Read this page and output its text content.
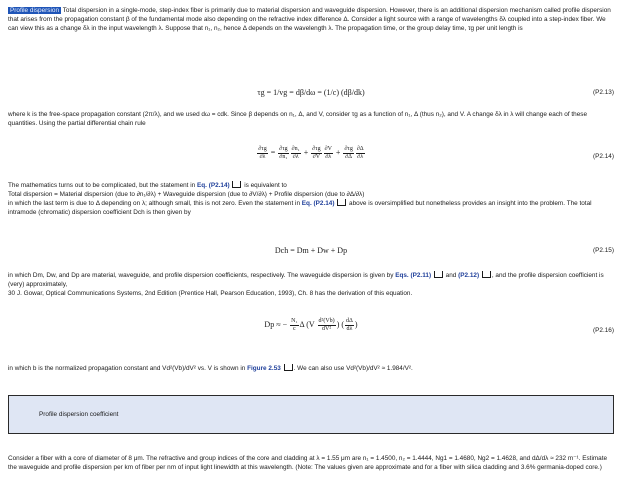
Profile dispersion Total dispersion in a single-mode, step-index fiber is primarily due to material dispersion and waveguide dispersion. However, there is an additional dispersion mechanism called profile dispersion that arises from the propagation constant β of the fundamental mode also depending on the refractive index difference Δ. Consider a light source with a range of wavelengths δλ coupled into a step-index fiber. We can view this as a change δλ in the input wavelength λ. Suppose that n₁, n₂, hence Δ depends on the wavelength λ. The propagation time, or the group delay time, τg per unit length is
τg = 1/vg = dβ/dω = (1/c) (dβ/dk)	(P2.13)
where k is the free-space propagation constant (2π/λ), and we used dω = cdk. Since β depends on n₁, Δ, and V, consider τg as a function of n₁, Δ (thus n₂), and V. A change δλ in λ will change each of these quantities. Using the partial differential chain rule
$\frac{\partial\tau g}{\partial\lambda} = \frac{\partial\tau g}{\text{∂n₁}} \frac{\text{∂n₁}}{\partial\lambda} + \frac{\partial\tau g}{\partial V} \frac{\partial V}{\partial\lambda} + \frac{\partial\tau g}{\partial\Delta} \frac{\partial\Delta}{\partial\lambda}$	(P2.14)
The mathematics turns out to be complicated, but the statement in Eq. (P2.14) is equivalent to
Total dispersion = Material dispersion (due to ∂n₁/∂λ) + Waveguide dispersion (due to ∂V/∂λ) + Profile dispersion (due to ∂Δ/∂λ)
in which the last term is due to Δ depending on λ; although small, this is not zero. Even the statement in Eq. (P2.14) above is oversimplified but nonetheless provides an insight into the problem. The total intramode (chromatic) dispersion coefficient Dch is then given by
Dch = Dm + Dw + Dp	(P2.15)
in which Dm, Dw, and Dp are material, waveguide, and profile dispersion coefficients, respectively. The waveguide dispersion is given by Eqs. (P2.11) and (P2.12) , and the profile dispersion coefficient is (very) approximately,
30 J. Gowar, Optical Communications Systems, 2nd Edition (Prentice Hall, Pearson Education, 1993), Ch. 8 has the derivation of this equation.
Dp ≈ − $\frac{\text{N₁}}{c}$ Δ ($V \frac{\text{d²(Vb)}}{\text{dV²}}$ ) ( $\frac{d\Delta}{d\lambda}$ )
(P2.16)
in which b is the normalized propagation constant and Vd²(Vb)/dV² vs. V is shown in Figure 2.53 . We can also use Vd²(Vb)/dV² ≈ 1.984/V².
Profile dispersion coefficient
Consider a fiber with a core of diameter of 8 μm. The refractive and group indices of the core and cladding at λ = 1.55 μm are n₁ = 1.4500, n₂ = 1.4444, Ng1 = 1.4680, Ng2 = 1.4628, and dΔ/dλ ≈ 232 m⁻¹. Estimate the waveguide and profile dispersion per km of fiber per nm of input light linewidth at this wavelength. (Note: The values given are approximate and for a fiber with silica cladding and 3.6% germania-doped core.)
